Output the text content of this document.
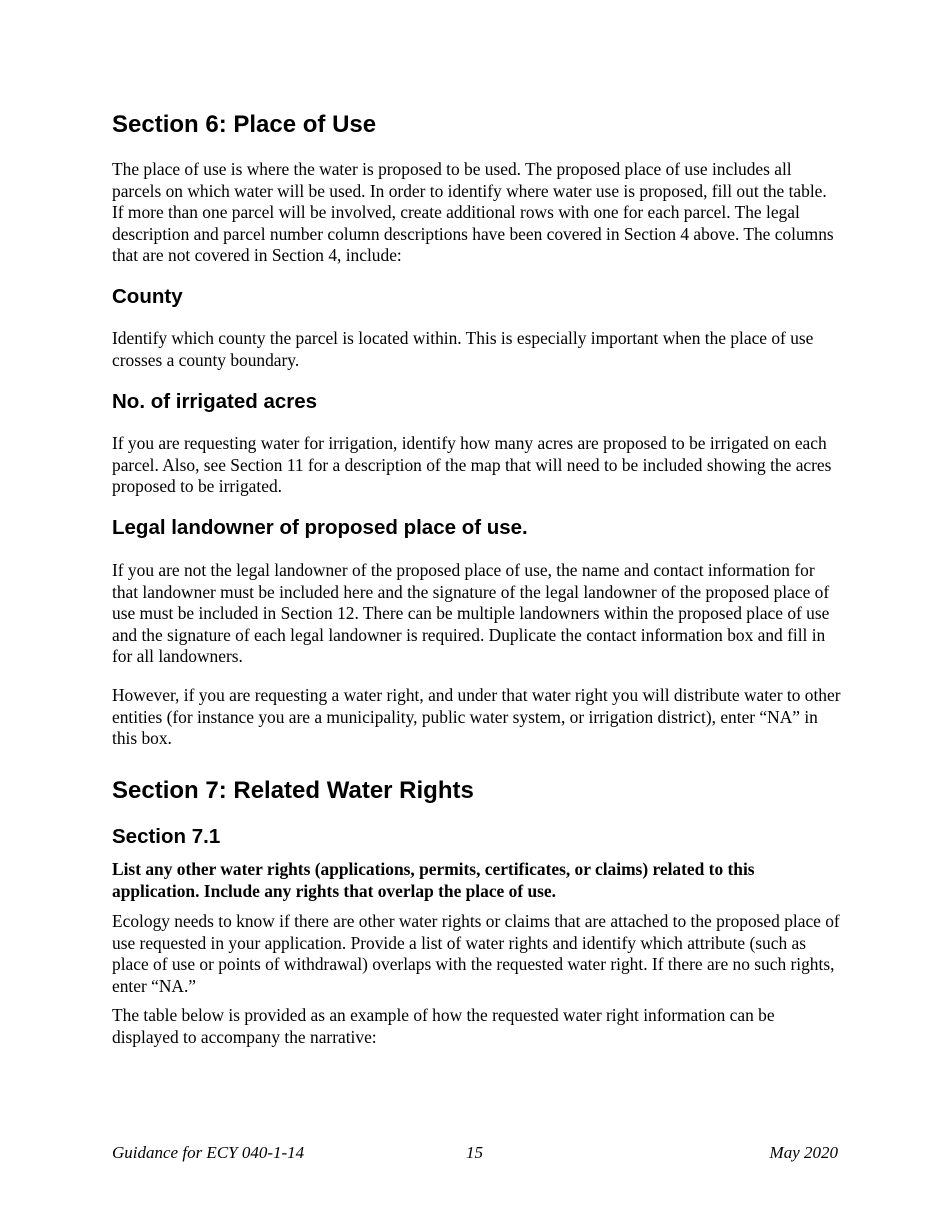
Section 6: Place of Use

The place of use is where the water is proposed to be used. The proposed place of use includes all parcels on which water will be used. In order to identify where water use is proposed, fill out the table. If more than one parcel will be involved, create additional rows with one for each parcel. The legal description and parcel number column descriptions have been covered in Section 4 above. The columns that are not covered in Section 4, include:

County

Identify which county the parcel is located within. This is especially important when the place of use crosses a county boundary.

No. of irrigated acres

If you are requesting water for irrigation, identify how many acres are proposed to be irrigated on each parcel. Also, see Section 11 for a description of the map that will need to be included showing the acres proposed to be irrigated.

Legal landowner of proposed place of use.

If you are not the legal landowner of the proposed place of use, the name and contact information for that landowner must be included here and the signature of the legal landowner of the proposed place of use must be included in Section 12. There can be multiple landowners within the proposed place of use and the signature of each legal landowner is required. Duplicate the contact information box and fill in for all landowners.

However, if you are requesting a water right, and under that water right you will distribute water to other entities (for instance you are a municipality, public water system, or irrigation district), enter “NA” in this box.

Section 7: Related Water Rights
Section 7.1

List any other water rights (applications, permits, certificates, or claims) related to this application. Include any rights that overlap the place of use.

Ecology needs to know if there are other water rights or claims that are attached to the proposed place of use requested in your application. Provide a list of water rights and identify which attribute (such as place of use or points of withdrawal) overlaps with the requested water right. If there are no such rights, enter “NA.”

The table below is provided as an example of how the requested water right information can be displayed to accompany the narrative:

Guidance for ECY 040-1-14	15	May 2020
